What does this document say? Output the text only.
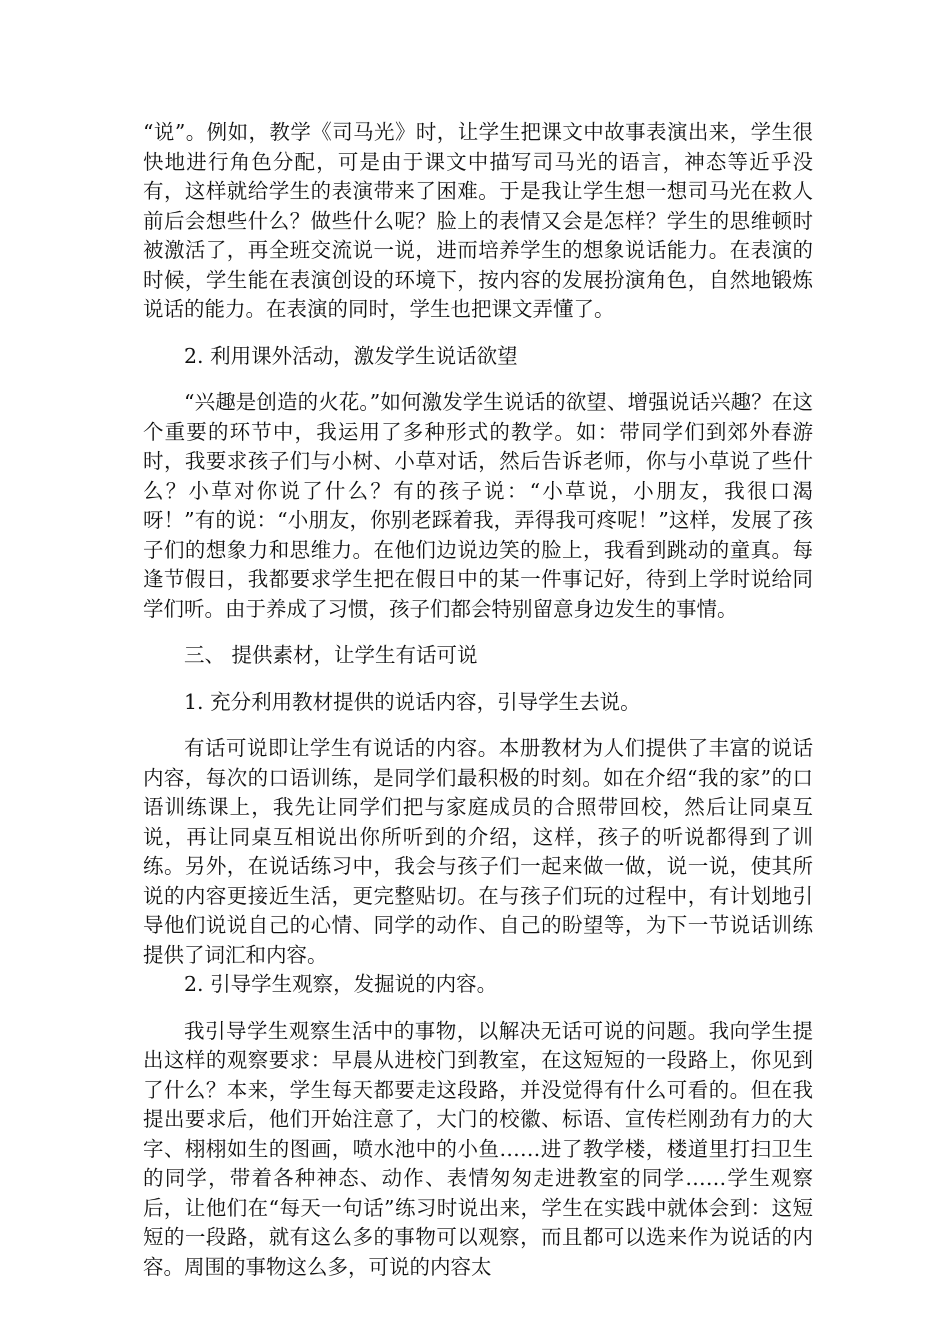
“说”。例如，教学《司马光》时，让学生把课文中故事表演出来，学生很快地进行角色分配，可是由于课文中描写司马光的语言，神态等近乎没有，这样就给学生的表演带来了困难。于是我让学生想一想司马光在救人前后会想些什么？做些什么呢？脸上的表情又会是怎样？学生的思维顿时被激活了，再全班交流说一说，进而培养学生的想象说话能力。在表演的时候，学生能在表演创设的环境下，按内容的发展扮演角色，自然地锻炼说话的能力。在表演的同时，学生也把课文弄懂了。

2. 利用课外活动，激发学生说话欲望

“兴趣是创造的火花。”如何激发学生说话的欲望、增强说话兴趣？在这个重要的环节中，我运用了多种形式的教学。如：带同学们到郊外春游时，我要求孩子们与小树、小草对话，然后告诉老师，你与小草说了些什么？小草对你说了什么？有的孩子说：“小草说，小朋友，我很口渴呀！”有的说：“小朋友，你别老踩着我，弄得我可疼呢！”这样，发展了孩子们的想象力和思维力。在他们边说边笑的脸上，我看到跳动的童真。每逢节假日，我都要求学生把在假日中的某一件事记好，待到上学时说给同学们听。由于养成了习惯，孩子们都会特别留意身边发生的事情。

三、 提供素材，让学生有话可说

1. 充分利用教材提供的说话内容，引导学生去说。

有话可说即让学生有说话的内容。本册教材为人们提供了丰富的说话内容，每次的口语训练，是同学们最积极的时刻。如在介绍“我的家”的口语训练课上，我先让同学们把与家庭成员的合照带回校，然后让同桌互说，再让同桌互相说出你所听到的介绍，这样，孩子的听说都得到了训练。另外，在说话练习中，我会与孩子们一起来做一做，说一说，使其所说的内容更接近生活，更完整贴切。在与孩子们玩的过程中，有计划地引导他们说说自己的心情、同学的动作、自己的盼望等，为下一节说话训练提供了词汇和内容。

2. 引导学生观察，发掘说的内容。

我引导学生观察生活中的事物，以解决无话可说的问题。我向学生提出这样的观察要求：早晨从进校门到教室，在这短短的一段路上，你见到了什么？本来，学生每天都要走这段路，并没觉得有什么可看的。但在我提出要求后，他们开始注意了，大门的校徽、标语、宣传栏刚劲有力的大字、栩栩如生的图画，喷水池中的小鱼……进了教学楼，楼道里打扫卫生的同学，带着各种神态、动作、表情匆匆走进教室的同学……学生观察后，让他们在“每天一句话”练习时说出来，学生在实践中就体会到：这短短的一段路，就有这么多的事物可以观察，而且都可以选来作为说话的内容。周围的事物这么多，可说的内容太
